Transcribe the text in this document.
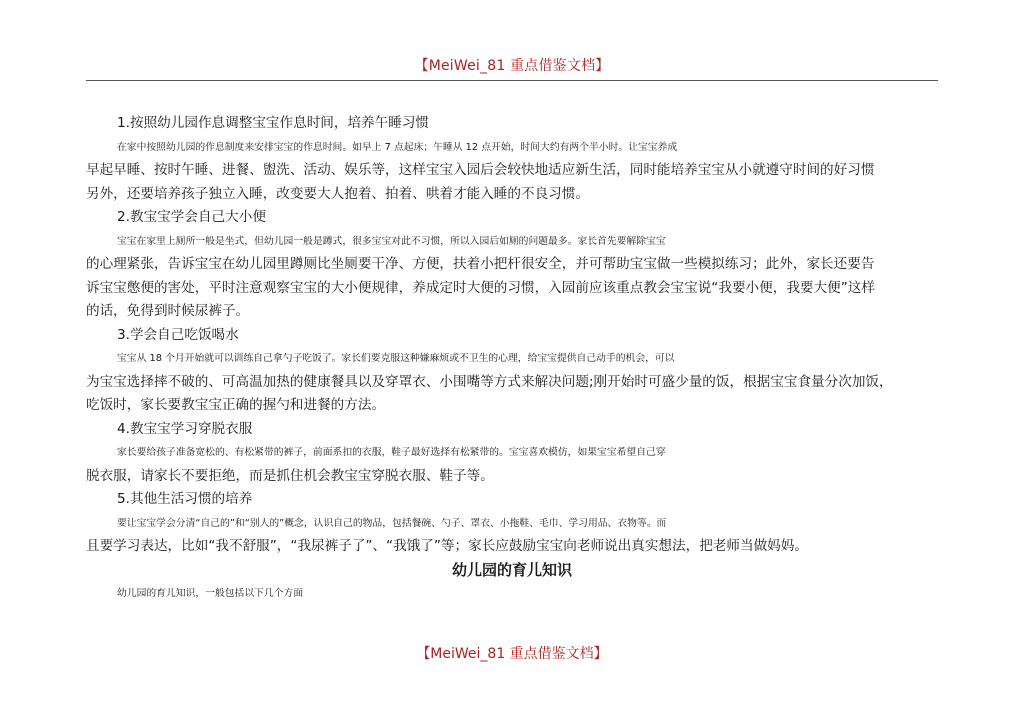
【MeiWei_81 重点借鉴文档】
1.按照幼儿园作息调整宝宝作息时间，培养午睡习惯

在家中按照幼儿园的作息制度来安排宝宝的作息时间。如早上 7 点起床；午睡从 12 点开始，时间大约有两个半小时。让宝宝养成
早起早睡、按时午睡、进餐、盥洗、活动、娱乐等，这样宝宝入园后会较快地适应新生活，同时能培养宝宝从小就遵守时间的好习惯
另外，还要培养孩子独立入睡，改变要大人抱着、拍着、哄着才能入睡的不良习惯。

2.教宝宝学会自己大小便

宝宝在家里上厕所一般是坐式，但幼儿园一般是蹲式，很多宝宝对此不习惯，所以入园后如厕的问题最多。家长首先要解除宝宝
的心理紧张，告诉宝宝在幼儿园里蹲厕比坐厕要干净、方便，扶着小把杆很安全，并可帮助宝宝做一些模拟练习；此外，家长还要告
诉宝宝憋便的害处，平时注意观察宝宝的大小便规律，养成定时大便的习惯，入园前应该重点教会宝宝说“我要小便，我要大便”这样
的话，免得到时候尿裤子。

3.学会自己吃饭喝水

宝宝从 18 个月开始就可以训练自己拿勺子吃饭了。家长们要克服这种嫌麻烦或不卫生的心理，给宝宝提供自己动手的机会，可以
为宝宝选择摔不破的、可高温加热的健康餐具以及穿罩衣、小围嘴等方式来解决问题;刚开始时可盛少量的饭，根据宝宝食量分次加饭，
吃饭时，家长要教宝宝正确的握勺和进餐的方法。

4.教宝宝学习穿脱衣服

家长要给孩子准备宽松的、有松紧带的裤子，前面系扣的衣服，鞋子最好选择有松紧带的。宝宝喜欢模仿，如果宝宝希望自己穿
脱衣服，请家长不要拒绝，而是抓住机会教宝宝穿脱衣服、鞋子等。

5.其他生活习惯的培养

要让宝宝学会分清“自己的”和“别人的”概念，认识自己的物品，包括餐碗、勺子、罩衣、小拖鞋、毛巾、学习用品、衣物等。而
且要学习表达，比如“我不舒服”，“我尿裤子了”、“我饿了”等；家长应鼓励宝宝向老师说出真实想法，把老师当做妈妈。

幼儿园的育儿知识

幼儿园的育儿知识，一般包括以下几个方面

【MeiWei_81 重点借鉴文档】
